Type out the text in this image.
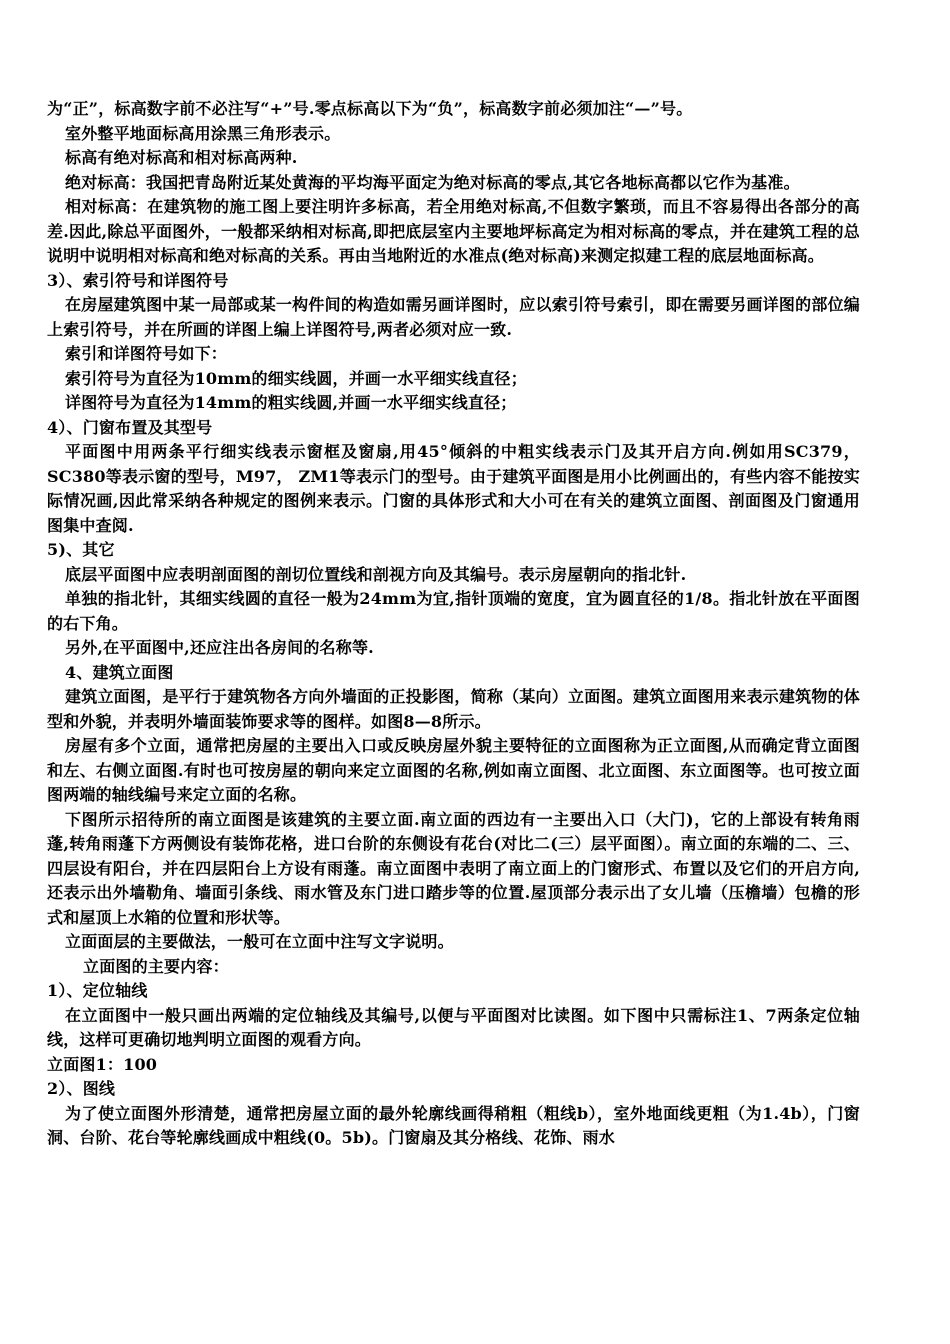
为“正”，标高数字前不必注写“+”号.零点标高以下为“负”，标高数字前必须加注“—”号。

室外整平地面标高用涂黑三角形表示。

标高有绝对标高和相对标高两种.

绝对标高：我国把青岛附近某处黄海的平均海平面定为绝对标高的零点,其它各地标高都以它作为基准。

相对标高：在建筑物的施工图上要注明许多标高，若全用绝对标高,不但数字繁琐，而且不容易得出各部分的高差.因此,除总平面图外，一般都采纳相对标高,即把底层室内主要地坪标高定为相对标高的零点，并在建筑工程的总说明中说明相对标高和绝对标高的关系。再由当地附近的水准点(绝对标高)来测定拟建工程的底层地面标高。

3）、索引符号和详图符号

在房屋建筑图中某一局部或某一构件间的构造如需另画详图时，应以索引符号索引，即在需要另画详图的部位编上索引符号，并在所画的详图上编上详图符号,两者必须对应一致.

索引和详图符号如下：

索引符号为直径为10mm的细实线圆，并画一水平细实线直径；

详图符号为直径为14mm的粗实线圆,并画一水平细实线直径；

4）、门窗布置及其型号

平面图中用两条平行细实线表示窗框及窗扇,用45°倾斜的中粗实线表示门及其开启方向.例如用SC379， SC380等表示窗的型号，M97， ZM1等表示门的型号。由于建筑平面图是用小比例画出的，有些内容不能按实际情况画,因此常采纳各种规定的图例来表示。门窗的具体形式和大小可在有关的建筑立面图、剖面图及门窗通用图集中查阅.

5)、其它

底层平面图中应表明剖面图的剖切位置线和剖视方向及其编号。表示房屋朝向的指北针.

单独的指北针，其细实线圆的直径一般为24mm为宜,指针顶端的宽度，宜为圆直径的1/8。指北针放在平面图的右下角。

另外,在平面图中,还应注出各房间的名称等.

4、建筑立面图

建筑立面图，是平行于建筑物各方向外墙面的正投影图，简称（某向）立面图。建筑立面图用来表示建筑物的体型和外貌，并表明外墙面装饰要求等的图样。如图8—8所示。

房屋有多个立面，通常把房屋的主要出入口或反映房屋外貌主要特征的立面图称为正立面图,从而确定背立面图和左、右侧立面图.有时也可按房屋的朝向来定立面图的名称,例如南立面图、北立面图、东立面图等。也可按立面图两端的轴线编号来定立面的名称。

下图所示招待所的南立面图是该建筑的主要立面.南立面的西边有一主要出入口（大门)，它的上部设有转角雨蓬,转角雨蓬下方两侧设有装饰花格，进口台阶的东侧设有花台(对比二(三）层平面图）。南立面的东端的二、三、四层设有阳台，并在四层阳台上方设有雨蓬。南立面图中表明了南立面上的门窗形式、布置以及它们的开启方向,还表示出外墙勒角、墙面引条线、雨水管及东门进口踏步等的位置.屋顶部分表示出了女儿墙（压檐墙）包檐的形式和屋顶上水箱的位置和形状等。

立面面层的主要做法，一般可在立面中注写文字说明。

立面图的主要内容：

1）、定位轴线

在立面图中一般只画出两端的定位轴线及其编号,以便与平面图对比读图。如下图中只需标注1、7两条定位轴线，这样可更确切地判明立面图的观看方向。

立面图1：100

2）、图线

为了使立面图外形清楚，通常把房屋立面的最外轮廓线画得稍粗（粗线b），室外地面线更粗（为1.4b），门窗洞、台阶、花台等轮廓线画成中粗线(0。5b)。门窗扇及其分格线、花饰、雨水
